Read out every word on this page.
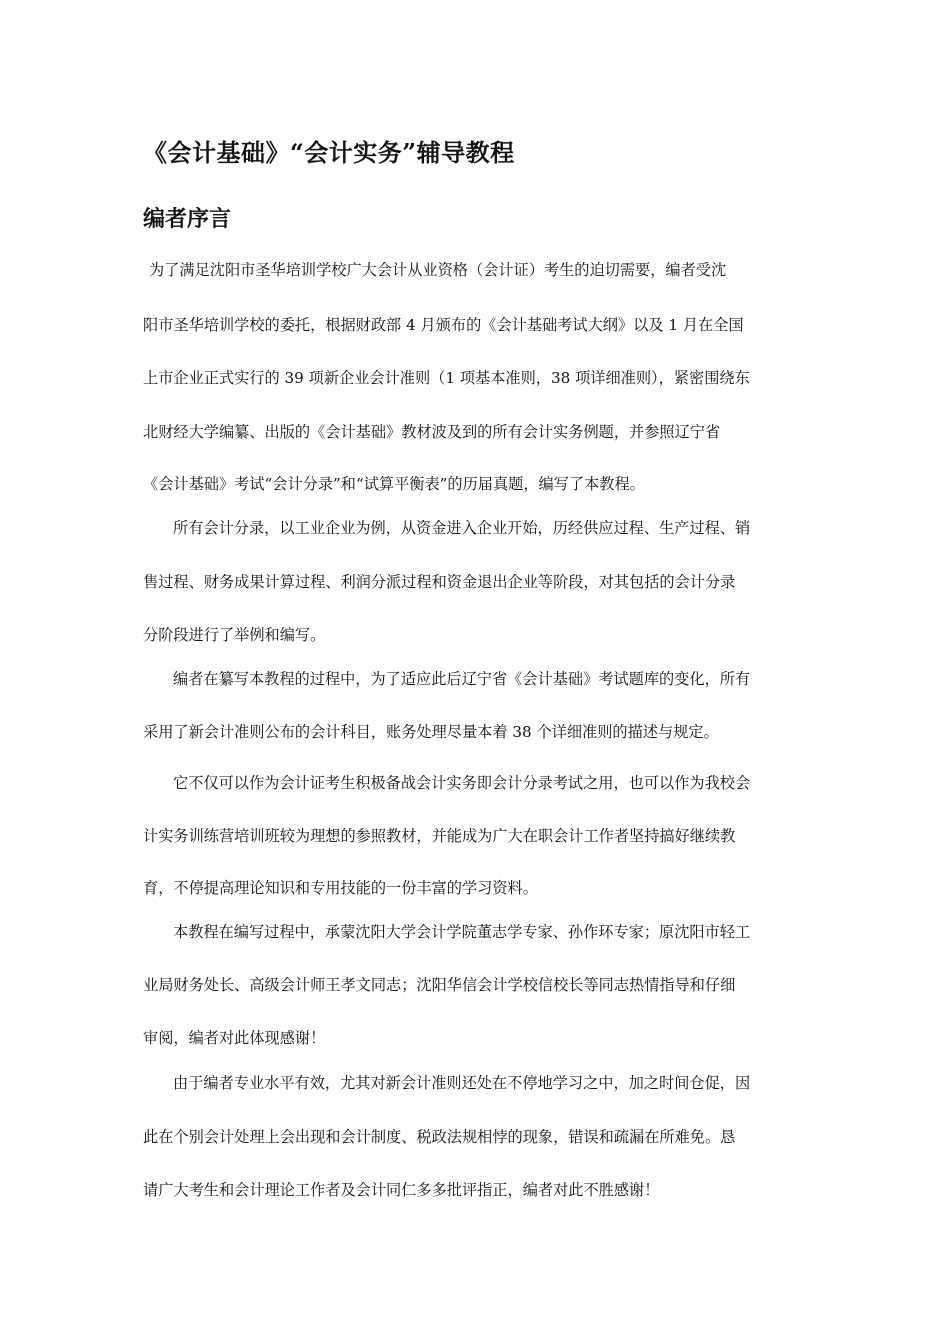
《会计基础》“会计实务”辅导教程
编者序言

为了满足沈阳市圣华培训学校广大会计从业资格（会计证）考生的迫切需要，编者受沈

阳市圣华培训学校的委托，根据财政部 4 月颁布的《会计基础考试大纲》以及 1 月在全国

上市企业正式实行的 39 项新企业会计准则（1 项基本准则，38 项详细准则），紧密围绕东

北财经大学编纂、出版的《会计基础》教材波及到的所有会计实务例题，并参照辽宁省

《会计基础》考试“会计分录”和“试算平衡表”的历届真题，编写了本教程。

所有会计分录，以工业企业为例，从资金进入企业开始，历经供应过程、生产过程、销

售过程、财务成果计算过程、利润分派过程和资金退出企业等阶段，对其包括的会计分录

分阶段进行了举例和编写。

编者在纂写本教程的过程中，为了适应此后辽宁省《会计基础》考试题库的变化，所有

采用了新会计准则公布的会计科目，账务处理尽量本着 38 个详细准则的描述与规定。

它不仅可以作为会计证考生积极备战会计实务即会计分录考试之用，也可以作为我校会

计实务训练营培训班较为理想的参照教材，并能成为广大在职会计工作者坚持搞好继续教

育，不停提高理论知识和专用技能的一份丰富的学习资料。

本教程在编写过程中，承蒙沈阳大学会计学院董志学专家、孙作环专家；原沈阳市轻工

业局财务处长、高级会计师王孝文同志；沈阳华信会计学校信校长等同志热情指导和仔细

审阅，编者对此体现感谢！

由于编者专业水平有效，尤其对新会计准则还处在不停地学习之中，加之时间仓促，因

此在个别会计处理上会出现和会计制度、税政法规相悖的现象，错误和疏漏在所难免。恳

请广大考生和会计理论工作者及会计同仁多多批评指正，编者对此不胜感谢！
